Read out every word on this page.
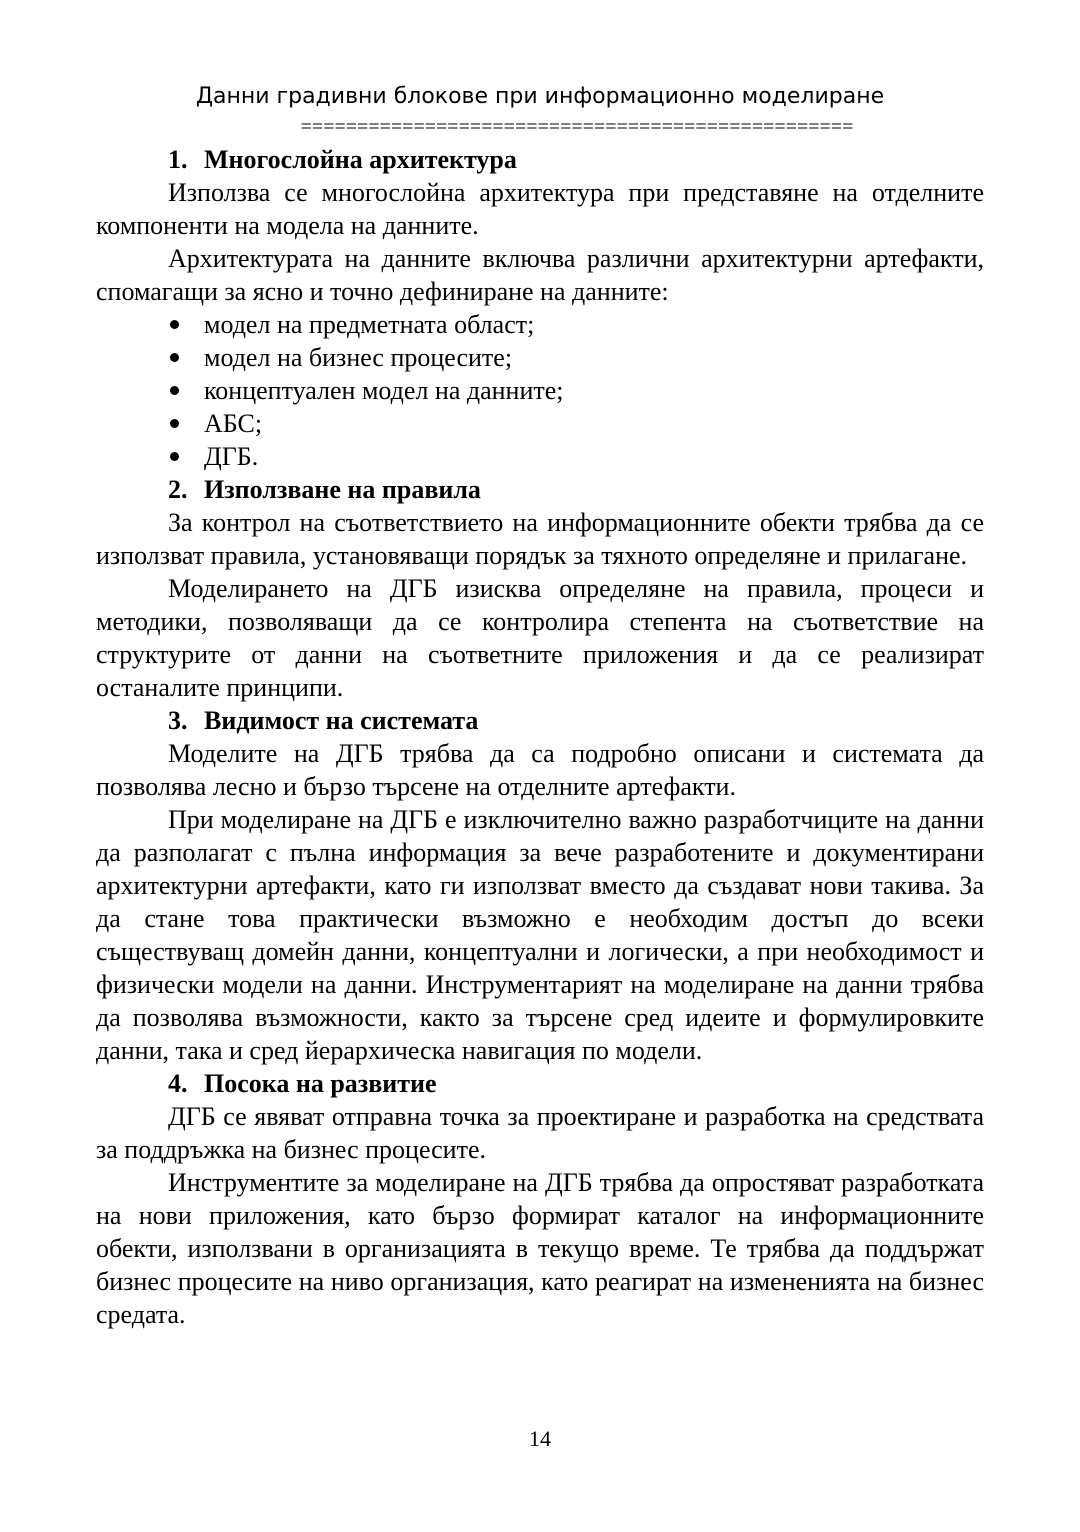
Данни градивни блокове при информационно моделиране
=================================================
1. Многослойна архитектура

Използва се многослойна архитектура при представяне на отделните компоненти на модела на данните.

Архитектурата на данните включва различни архитектурни артефакти, спомагащи за ясно и точно дефиниране на данните:

модел на предметната област;
модел на бизнес процесите;
концептуален модел на данните;
АБС;
ДГБ.
2. Използване на правила

За контрол на съответствието на информационните обекти трябва да се използват правила, установяващи порядък за тяхното определяне и прилагане.

Моделирането на ДГБ изисква определяне на правила, процеси и методики, позволяващи да се контролира степента на съответствие на структурите от данни на съответните приложения и да се реализират останалите принципи.

3. Видимост на системата

Моделите на ДГБ трябва да са подробно описани и системата да позволява лесно и бързо търсене на отделните артефакти.

При моделиране на ДГБ е изключително важно разработчиците на данни да разполагат с пълна информация за вече разработените и документирани архитектурни артефакти, като ги използват вместо да създават нови такива. За да стане това практически възможно е необходим достъп до всеки съществуващ домейн данни, концептуални и логически, а при необходимост и физически модели на данни. Инструментарият на моделиране на данни трябва да позволява възможности, както за търсене сред идеите и формулировките данни, така и сред йерархическа навигация по модели.

4. Посока на развитие

ДГБ се явяват отправна точка за проектиране и разработка на средствата за поддръжка на бизнес процесите.

Инструментите за моделиране на ДГБ трябва да опростяват разработката на нови приложения, като бързо формират каталог на информационните обекти, използвани в организацията в текущо време. Те трябва да поддържат бизнес процесите на ниво организация, като реагират на измененията на бизнес средата.

14
